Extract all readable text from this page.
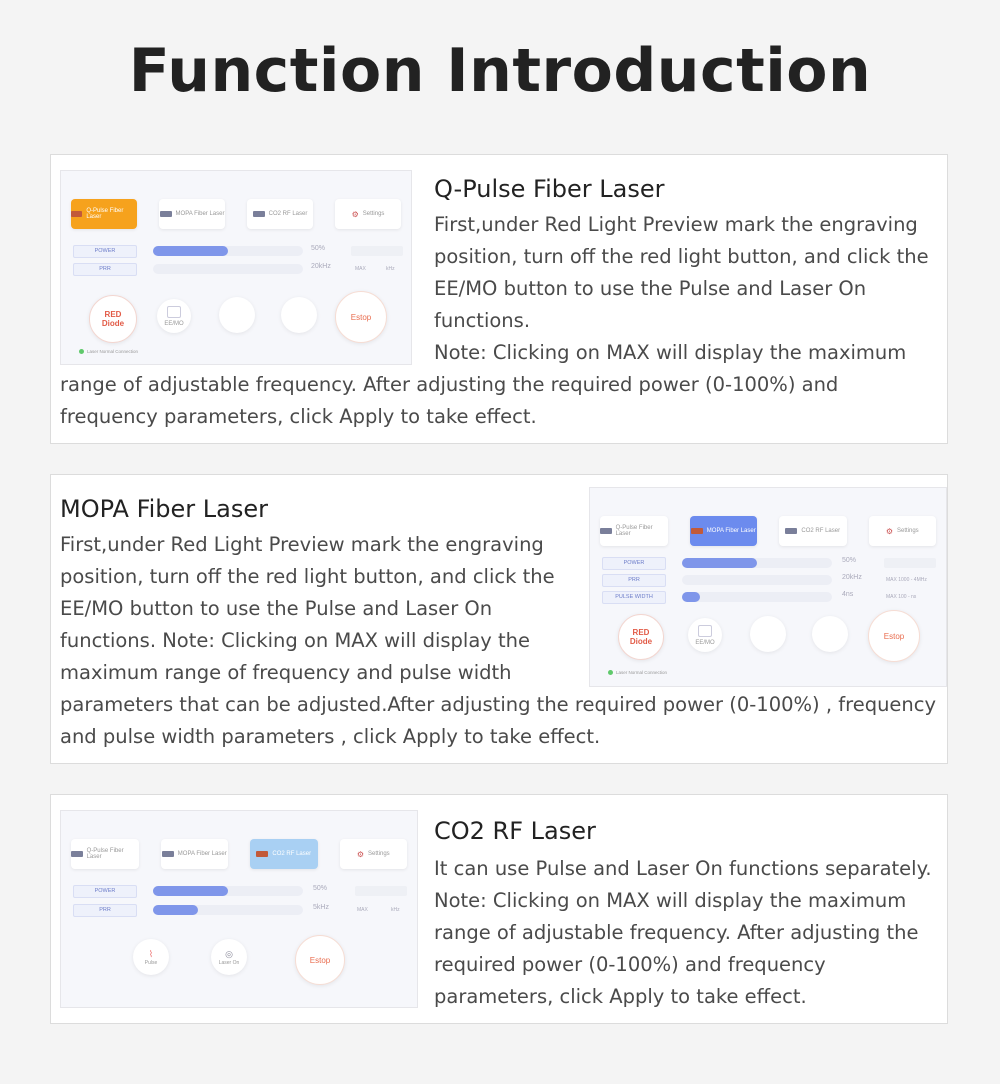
Function Introduction
Q-Pulse Fiber Laser	MOPA Fiber Laser	CO2 RF Laser	⚙ Settings
POWER	50%
PRR	20kHz	MAX	kHz
RED Diode	EE/MO
Estop
Laser Normal Connection
Q-Pulse Fiber Laser
First,under Red Light Preview mark the engraving position, turn off the red light button, and click the EE/MO button to use the Pulse and Laser On functions.
Note: Clicking on MAX will display the maximum range of adjustable frequency. After adjusting the required power (0-100%) and frequency parameters, click Apply to take effect.
MOPA Fiber Laser
Q-Pulse Fiber Laser	MOPA Fiber Laser	CO2 RF Laser	⚙ Settings
POWER	50%
PRR	20kHz	MAX 1000 - 4MHz
PULSE WIDTH	4ns	MAX 100 - ns
RED Diode	EE/MO
Estop
Laser Normal Connection
First,under Red Light Preview mark the engraving position, turn off the red light button, and click the EE/MO button to use the Pulse and Laser On functions. Note: Clicking on MAX will display the maximum range of frequency and pulse width parameters that can be adjusted.After adjusting the required power (0-100%) , frequency and pulse width parameters , click Apply to take effect.
Q-Pulse Fiber Laser	MOPA Fiber Laser	CO2 RF Laser	⚙ Settings
POWER	50%
PRR	5kHz	MAX	kHz
⌇
Pulse
◎
Laser On	Estop
CO2 RF Laser
It can use Pulse and Laser On functions separately. Note: Clicking on MAX will display the maximum range of adjustable frequency. After adjusting the required power (0-100%) and frequency parameters, click Apply to take effect.
